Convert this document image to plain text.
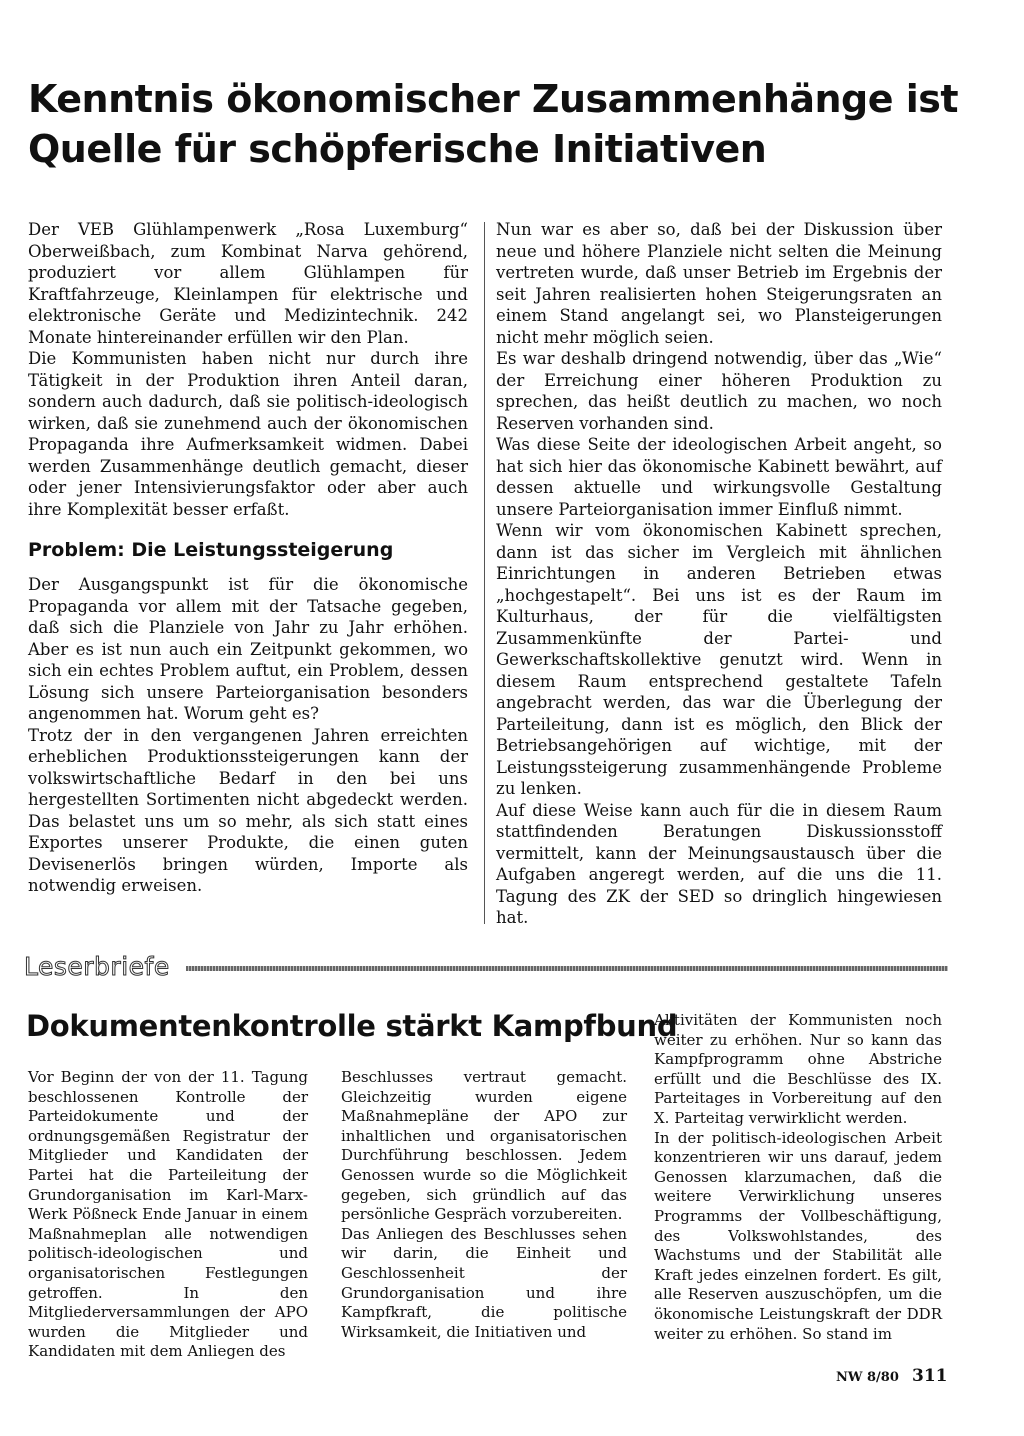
Kenntnis ökonomischer Zusammenhänge ist Quelle für schöpferische Initiativen

Der VEB Glühlampenwerk „Rosa Luxemburg“ Oberweißbach, zum Kombinat Narva gehörend, produziert vor allem Glühlampen für Kraftfahrzeuge, Kleinlampen für elektrische und elektronische Geräte und Medizintechnik. 242 Monate hintereinander erfüllen wir den Plan.

Die Kommunisten haben nicht nur durch ihre Tätigkeit in der Produktion ihren Anteil daran, sondern auch dadurch, daß sie politisch-ideologisch wirken, daß sie zunehmend auch der ökonomischen Propaganda ihre Aufmerksamkeit widmen. Dabei werden Zusammenhänge deutlich gemacht, dieser oder jener Intensivierungsfaktor oder aber auch ihre Komplexität besser erfaßt.

Problem: Die Leistungssteigerung

Der Ausgangspunkt ist für die ökonomische Propaganda vor allem mit der Tatsache gegeben, daß sich die Planziele von Jahr zu Jahr erhöhen. Aber es ist nun auch ein Zeitpunkt gekommen, wo sich ein echtes Problem auftut, ein Problem, dessen Lösung sich unsere Parteiorganisation besonders angenommen hat. Worum geht es?

Trotz der in den vergangenen Jahren erreichten erheblichen Produktionssteigerungen kann der volkswirtschaftliche Bedarf in den bei uns hergestellten Sortimenten nicht abgedeckt werden. Das belastet uns um so mehr, als sich statt eines Exportes unserer Produkte, die einen guten Devisenerlös bringen würden, Importe als notwendig erweisen.

Nun war es aber so, daß bei der Diskussion über neue und höhere Planziele nicht selten die Meinung vertreten wurde, daß unser Betrieb im Ergebnis der seit Jahren realisierten hohen Steigerungsraten an einem Stand angelangt sei, wo Plansteigerungen nicht mehr möglich seien.

Es war deshalb dringend notwendig, über das „Wie“ der Erreichung einer höheren Produktion zu sprechen, das heißt deutlich zu machen, wo noch Reserven vorhanden sind.

Was diese Seite der ideologischen Arbeit angeht, so hat sich hier das ökonomische Kabinett bewährt, auf dessen aktuelle und wirkungsvolle Gestaltung unsere Parteiorganisation immer Einfluß nimmt.

Wenn wir vom ökonomischen Kabinett sprechen, dann ist das sicher im Vergleich mit ähnlichen Einrichtungen in anderen Betrieben etwas „hochgestapelt“. Bei uns ist es der Raum im Kulturhaus, der für die vielfältigsten Zusammenkünfte der Partei- und Gewerkschaftskollektive genutzt wird. Wenn in diesem Raum entsprechend gestaltete Tafeln angebracht werden, das war die Überlegung der Parteileitung, dann ist es möglich, den Blick der Betriebsangehörigen auf wichtige, mit der Leistungssteigerung zusammenhängende Probleme zu lenken.

Auf diese Weise kann auch für die in diesem Raum stattfindenden Beratungen Diskussionsstoff vermittelt, kann der Meinungsaustausch über die Aufgaben angeregt werden, auf die uns die 11. Tagung des ZK der SED so dringlich hingewiesen hat.

Leserbriefe
Dokumentenkontrolle stärkt Kampfbund

Vor Beginn der von der 11. Tagung beschlossenen Kontrolle der Parteidokumente und der ordnungsgemäßen Registratur der Mitglieder und Kandidaten der Partei hat die Parteileitung der Grundorganisation im Karl-Marx-Werk Pößneck Ende Januar in einem Maßnahmeplan alle notwendigen politisch-ideologischen und organisatorischen Festlegungen getroffen. In den Mitgliederversammlungen der APO wurden die Mitglieder und Kandidaten mit dem Anliegen des

Beschlusses vertraut gemacht. Gleichzeitig wurden eigene Maßnahmepläne der APO zur inhaltlichen und organisatorischen Durchführung beschlossen. Jedem Genossen wurde so die Möglichkeit gegeben, sich gründlich auf das persönliche Gespräch vorzubereiten.

Das Anliegen des Beschlusses sehen wir darin, die Einheit und Geschlossenheit der Grundorganisation und ihre Kampfkraft, die politische Wirksamkeit, die Initiativen und

Aktivitäten der Kommunisten noch weiter zu erhöhen. Nur so kann das Kampfprogramm ohne Abstriche erfüllt und die Beschlüsse des IX. Parteitages in Vorbereitung auf den X. Parteitag verwirklicht werden.

In der politisch-ideologischen Arbeit konzentrieren wir uns darauf, jedem Genossen klarzumachen, daß die weitere Verwirklichung unseres Programms der Vollbeschäftigung, des Volkswohlstandes, des Wachstums und der Stabilität alle Kraft jedes einzelnen fordert. Es gilt, alle Reserven auszuschöpfen, um die ökonomische Leistungskraft der DDR weiter zu erhöhen. So stand im

NW 8/80 311
